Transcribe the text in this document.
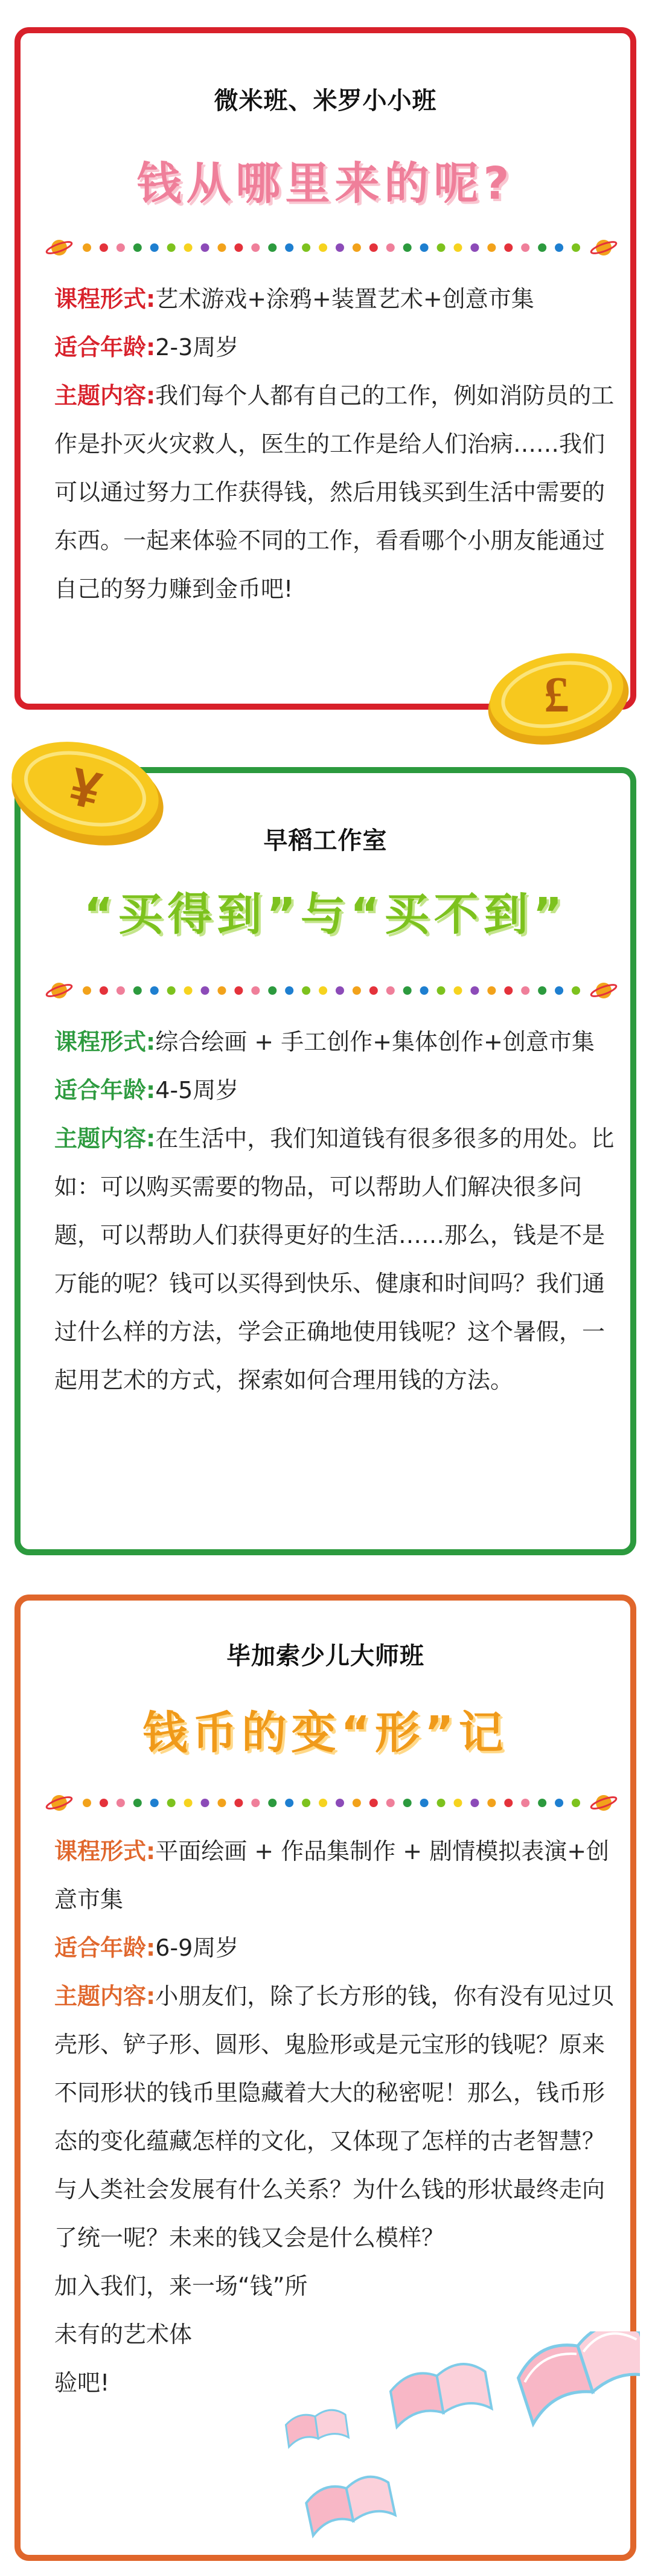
微米班、米罗小小班
钱从哪里来的呢?

课程形式:艺术游戏+涂鸦+装置艺术+创意市集

适合年龄:2-3周岁

主题内容:我们每个人都有自己的工作，例如消防员的工作是扑灭火灾救人，医生的工作是给人们治病……我们可以通过努力工作获得钱，然后用钱买到生活中需要的东西。一起来体验不同的工作，看看哪个小朋友能通过自己的努力赚到金币吧!

£
早稻工作室
“买得到”与“买不到”

课程形式:综合绘画 + 手工创作+集体创作+创意市集

适合年龄:4-5周岁

主题内容:在生活中，我们知道钱有很多很多的用处。比如：可以购买需要的物品，可以帮助人们解决很多问题，可以帮助人们获得更好的生活……那么，钱是不是万能的呢？钱可以买得到快乐、健康和时间吗？我们通过什么样的方法，学会正确地使用钱呢？这个暑假，一起用艺术的方式，探索如何合理用钱的方法。

¥
毕加索少儿大师班
钱币的变“形”记

课程形式:平面绘画 + 作品集制作 + 剧情模拟表演+创意市集

适合年龄:6-9周岁

主题内容:小朋友们，除了长方形的钱，你有没有见过贝壳形、铲子形、圆形、鬼脸形或是元宝形的钱呢？原来不同形状的钱币里隐藏着大大的秘密呢！那么，钱币形态的变化蕴藏怎样的文化，又体现了怎样的古老智慧？与人类社会发展有什么关系？为什么钱的形状最终走向了统一呢？未来的钱又会是什么模样？

加入我们，来一场“钱”所

未有的艺术体

验吧!
